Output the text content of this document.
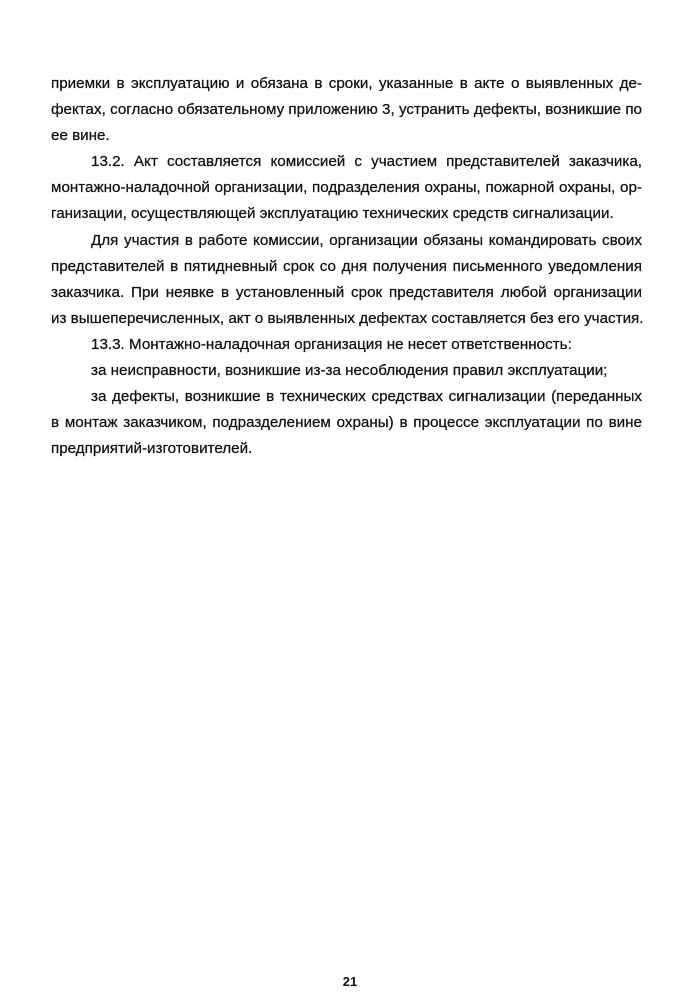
приемки в эксплуатацию и обязана в сроки, указанные в акте о выявленных де-
фектах, согласно обязательному приложению 3, устранить дефекты, возникшие по
ее вине.

13.2. Акт составляется комиссией с участием представителей заказчика,
монтажно-наладочной организации, подразделения охраны, пожарной охраны, ор-
ганизации, осуществляющей эксплуатацию технических средств сигнализации.

Для участия в работе комиссии, организации обязаны командировать своих
представителей в пятидневный срок со дня получения письменного уведомления
заказчика. При неявке в установленный срок представителя любой организации
из вышеперечисленных, акт о выявленных дефектах составляется без его участия.

13.3. Монтажно-наладочная организация не несет ответственность:

за неисправности, возникшие из-за несоблюдения правил эксплуатации;

за дефекты, возникшие в технических средствах сигнализации (переданных
в монтаж заказчиком, подразделением охраны) в процессе эксплуатации по вине
предприятий-изготовителей.

21
